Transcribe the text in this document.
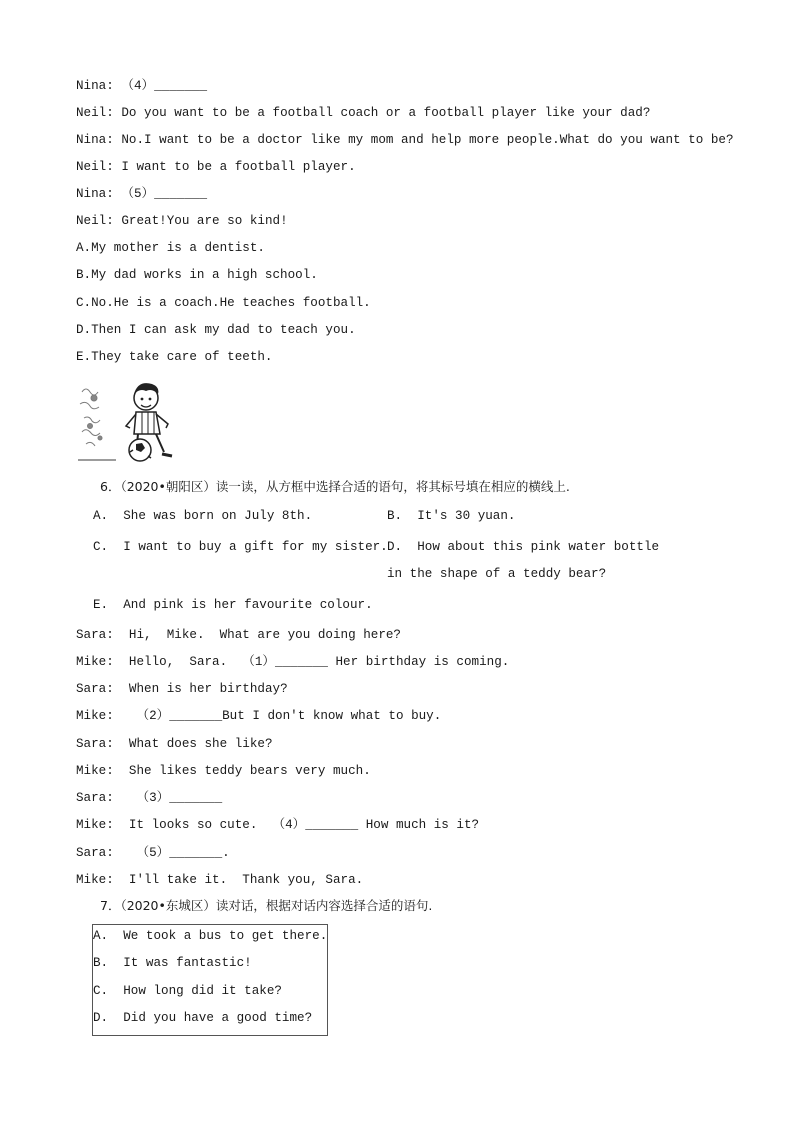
Nina: （4）_______
Neil: Do you want to be a football coach or a football player like your dad?
Nina: No.I want to be a doctor like my mom and help more people.What do you want to be?
Neil: I want to be a football player.
Nina: （5）_______
Neil: Great!You are so kind!
A.My mother is a dentist.
B.My dad works in a high school.
C.No.He is a coach.He teaches football.
D.Then I can ask my dad to teach you.
E.They take care of teeth.
6．（2020•朝阳区）读一读，从方框中选择合适的语句，将其标号填在相应的横线上.
A.  She was born on July 8th.	B.  It's 30 yuan.
C.  I want to buy a gift for my sister. D.  How about this pink water bottle
in the shape of a teddy bear?
E.  And pink is her favourite colour.
Sara: Hi,  Mike.  What are you doing here?
Mike: Hello,  Sara.  （1）_______ Her birthday is coming.
Sara: When is her birthday?
Mike:   （2）_______But I don't know what to buy.
Sara: What does she like?
Mike: She likes teddy bears very much.
Sara:   （3）_______
Mike: It looks so cute.  （4）_______ How much is it?
Sara:   （5）_______.
Mike: I'll take it.  Thank you, Sara.
7．（2020•东城区）读对话，根据对话内容选择合适的语句.
A.  We took a bus to get there.
B.  It was fantastic!
C.  How long did it take?
D.  Did you have a good time?
